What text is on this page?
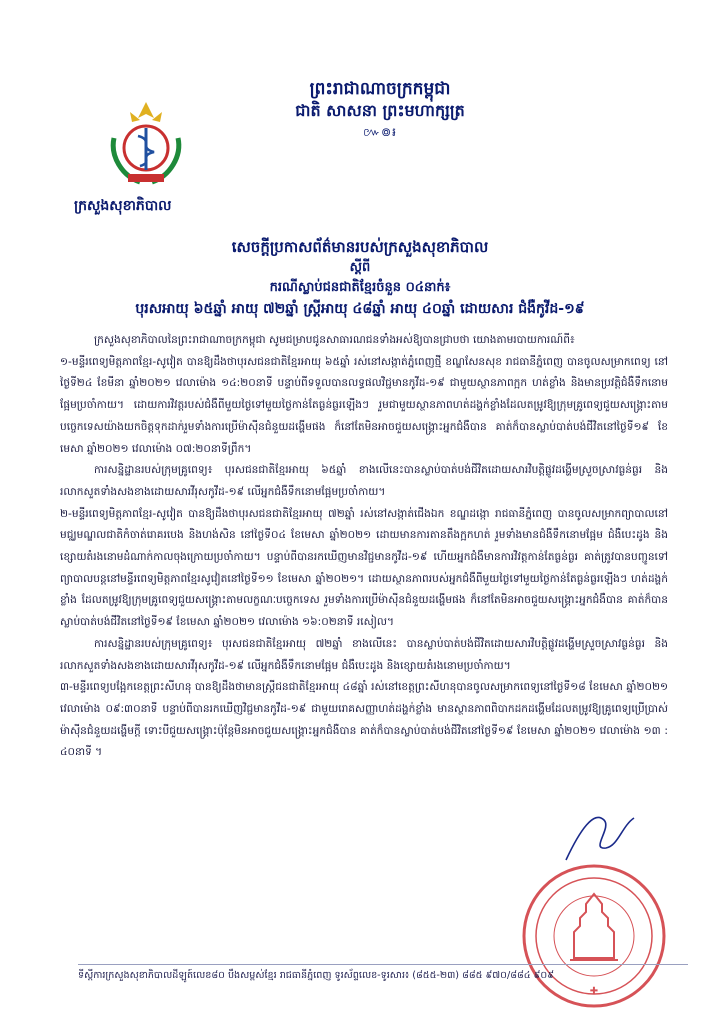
ព្រះរាជាណាចក្រកម្ពុជា
ជាតិ សាសនា ព្រះមហាក្សត្រ
៚៙៛
ក្រសួងសុខាភិបាល
សេចក្តីប្រកាសព័ត៌មានរបស់ក្រសួងសុខាភិបាល
ស្តីពី
ករណីស្លាប់ជនជាតិខ្មែរចំនួន ០៤នាក់៖
បុរសអាយុ ៦៥ឆ្នាំ អាយុ ៧២ឆ្នាំ ស្ត្រីអាយុ ៤៨ឆ្នាំ អាយុ ៤០ឆ្នាំ ដោយសារ ជំងឺកូវីដ-១៩

ក្រសួងសុខាភិបាលនៃព្រះរាជាណាចក្រកម្ពុជា សូមជម្រាបជូនសាធារណជនទាំងអស់ឱ្យបានជ្រាបថា យោងតាមរបាយការណ៍ពី៖

១-មន្ទីរពេទ្យមិត្តភាពខ្មែរ-សូវៀត បានឱ្យដឹងថាបុរសជនជាតិខ្មែរអាយុ ៦៥ឆ្នាំ រស់នៅសង្កាត់ភ្នំពេញថ្មី ខណ្ឌសែនសុខ រាជធានីភ្នំពេញ បានចូលសម្រាកពេទ្យ នៅថ្ងៃទី២៤ ខែមីនា ឆ្នាំ២០២១ វេលាម៉ោង ១៤:២០នាទី បន្ទាប់ពីទទួលបានលទ្ធផលវិជ្ជមានកូវីដ-១៩ ជាមួយស្ថានភាពក្អក ហត់ខ្លាំង និងមានប្រវត្តិជំងឺទឹកនោមផ្អែមប្រចាំកាយ។ ដោយការវិវត្តរបស់ជំងឺពីមួយថ្ងៃទៅមួយថ្ងៃកាន់តែធ្ងន់ធ្ងរឡើងៗ រួមជាមួយស្ថានភាពហត់ដង្ហក់ខ្លាំងដែលតម្រូវឱ្យក្រុមគ្រូពេទ្យជួយសង្គ្រោះតាមបច្ចេកទេសយ៉ាងយកចិត្តទុកដាក់រួមទាំងការប្រើម៉ាស៊ីនជំនួយដង្ហើមផង ក៏នៅតែមិនអាចជួយសង្គ្រោះអ្នកជំងឺបាន គាត់ក៏បានស្លាប់បាត់បង់ជីវិតនៅថ្ងៃទី១៩ ខែមេសា ឆ្នាំ២០២១ វេលាម៉ោង ០៧:២០នាទីព្រឹក។

ការសន្និដ្ឋានរបស់ក្រុមគ្រូពេទ្យ៖ បុរសជនជាតិខ្មែរអាយុ ៦៥ឆ្នាំ ខាងលើនេះបានស្លាប់បាត់បង់ជីវិតដោយសារវិបត្តិផ្លូវដង្ហើមស្រួចស្រាវធ្ងន់ធ្ងរ និងរលាកសួតទាំងសងខាងដោយសារវីរុសកូវីដ-១៩ លើអ្នកជំងឺទឹកនោមផ្អែមប្រចាំកាយ។

២-មន្ទីរពេទ្យមិត្តភាពខ្មែរ-សូវៀត បានឱ្យដឹងថាបុរសជនជាតិខ្មែរអាយុ ៧២ឆ្នាំ រស់នៅសង្កាត់ជើងឯក ខណ្ឌដង្កោ រាជធានីភ្នំពេញ បានចូលសម្រាកព្យាបាលនៅមជ្ឈមណ្ឌលជាតិកំចាត់រោគរបេង និងហង់សិន នៅថ្ងៃទី០៤ ខែមេសា ឆ្នាំ២០២១ ដោយមានការតានតឹងក្អកហត់ រួមទាំងមានជំងឺទឹកនោមផ្អែម ជំងឺបេះដូង និងខ្សោយតំរងនោមដំណាក់កាលចុងក្រោយប្រចាំកាយ។ បន្ទាប់ពីបានរកឃើញមានវិជ្ជមានកូវីដ-១៩ ហើយអ្នកជំងឺមានការវិវត្តកាន់តែធ្ងន់ធ្ងរ គាត់ត្រូវបានបញ្ជូនទៅព្យាបាលបន្តនៅមន្ទីរពេទ្យមិត្តភាពខ្មែរសូវៀតនៅថ្ងៃទី១១ ខែមេសា ឆ្នាំ២០២១។ ដោយស្ថានភាពរបស់អ្នកជំងឺពីមួយថ្ងៃទៅមួយថ្ងៃកាន់តែធ្ងន់ធ្ងរឡើងៗ ហត់ដង្ហក់ខ្លាំង ដែលតម្រូវឱ្យក្រុមគ្រូពេទ្យជួយសង្គ្រោះតាមលក្ខណៈបច្ចេកទេស រួមទាំងការប្រើម៉ាស៊ីនជំនួយដង្ហើមផង ក៏នៅតែមិនអាចជួយសង្គ្រោះអ្នកជំងឺបាន គាត់ក៏បានស្លាប់បាត់បង់ជីវិតនៅថ្ងៃទី១៩ ខែមេសា ឆ្នាំ២០២១ វេលាម៉ោង ១៦:០២នាទី រសៀល។

ការសន្និដ្ឋានរបស់ក្រុមគ្រូពេទ្យ៖ បុរសជនជាតិខ្មែរអាយុ ៧២ឆ្នាំ ខាងលើនេះ បានស្លាប់បាត់បង់ជីវិតដោយសារវិបត្តិផ្លូវដង្ហើមស្រួចស្រាវធ្ងន់ធ្ងរ និងរលាកសួតទាំងសងខាងដោយសារវីរុសកូវីដ-១៩ លើអ្នកជំងឺទឹកនោមផ្អែម ជំងឺបេះដូង និងខ្សោយតំរងនោមប្រចាំកាយ។

៣-មន្ទីរពេទ្យបង្អែកខេត្តព្រះសីហនុ បានឱ្យដឹងថាមានស្ត្រីជនជាតិខ្មែរអាយុ ៤៨ឆ្នាំ រស់នៅខេត្តព្រះសីហនុបានចូលសម្រាកពេទ្យនៅថ្ងៃទី១៨ ខែមេសា ឆ្នាំ២០២១ វេលាម៉ោង ០៩:៣០នាទី បន្ទាប់ពីបានរកឃើញវិជ្ជមានកូវីដ-១៩ ជាមួយរោគសញ្ញាហត់ដង្ហក់ខ្លាំង មានស្ថានភាពពិបាកដកដង្ហើមដែលតម្រូវឱ្យគ្រូពេទ្យប្រើប្រាស់ម៉ាស៊ីនជំនួយដង្ហើមក្តី ទោះបីជួយសង្គ្រោះប៉ុន្តែមិនអាចជួយសង្គ្រោះអ្នកជំងឺបាន គាត់ក៏បានស្លាប់បាត់បង់ជីវិតនៅថ្ងៃទី១៩ ខែមេសា ឆ្នាំ២០២១ វេលាម៉ោង ១៣ : ៤០នាទី ។

✚
ទីស្តីការក្រសួងសុខាភិបាលដីឡូត៍លេខ៨០ បឹងសម្ពស់ខ្មែរ រាជធានីភ្នំពេញ ទូរស័ព្ទលេខ-ទូរសារ៖ (៨៥៥-២៣) ៨៨៥ ៩៧០/៨៨៤ ៩០៩
